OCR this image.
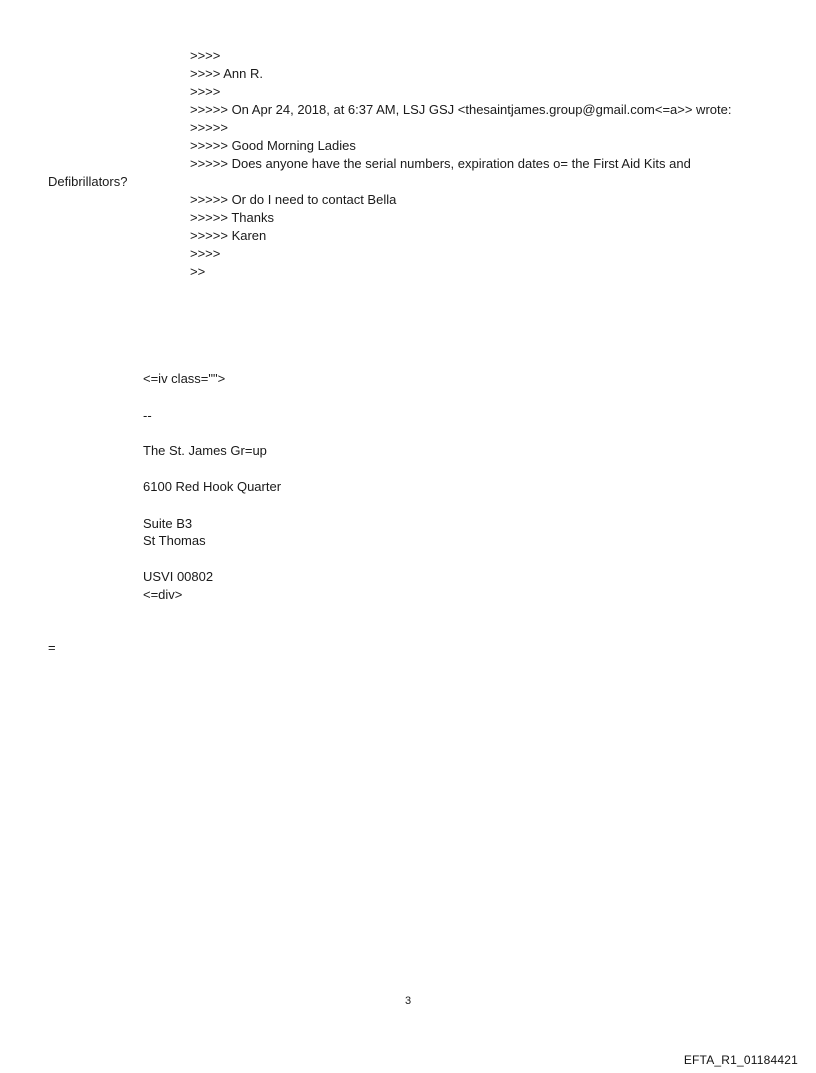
>>>>
>>>> Ann R.
>>>>
>>>>> On Apr 24, 2018, at 6:37 AM, LSJ GSJ <thesaintjames.group@gmail.com<=a>> wrote:
>>>>>
>>>>> Good Morning Ladies
>>>>> Does anyone have the serial numbers, expiration dates o= the First Aid Kits and
Defibrillators?
>>>>> Or do I need to contact Bella
>>>>> Thanks
>>>>> Karen
>>>>
>>
<=iv class="">
--
The St. James Gr=up
6100 Red Hook Quarter
Suite B3
St Thomas
USVI 00802
<=div>
=
3
EFTA_R1_01184421
